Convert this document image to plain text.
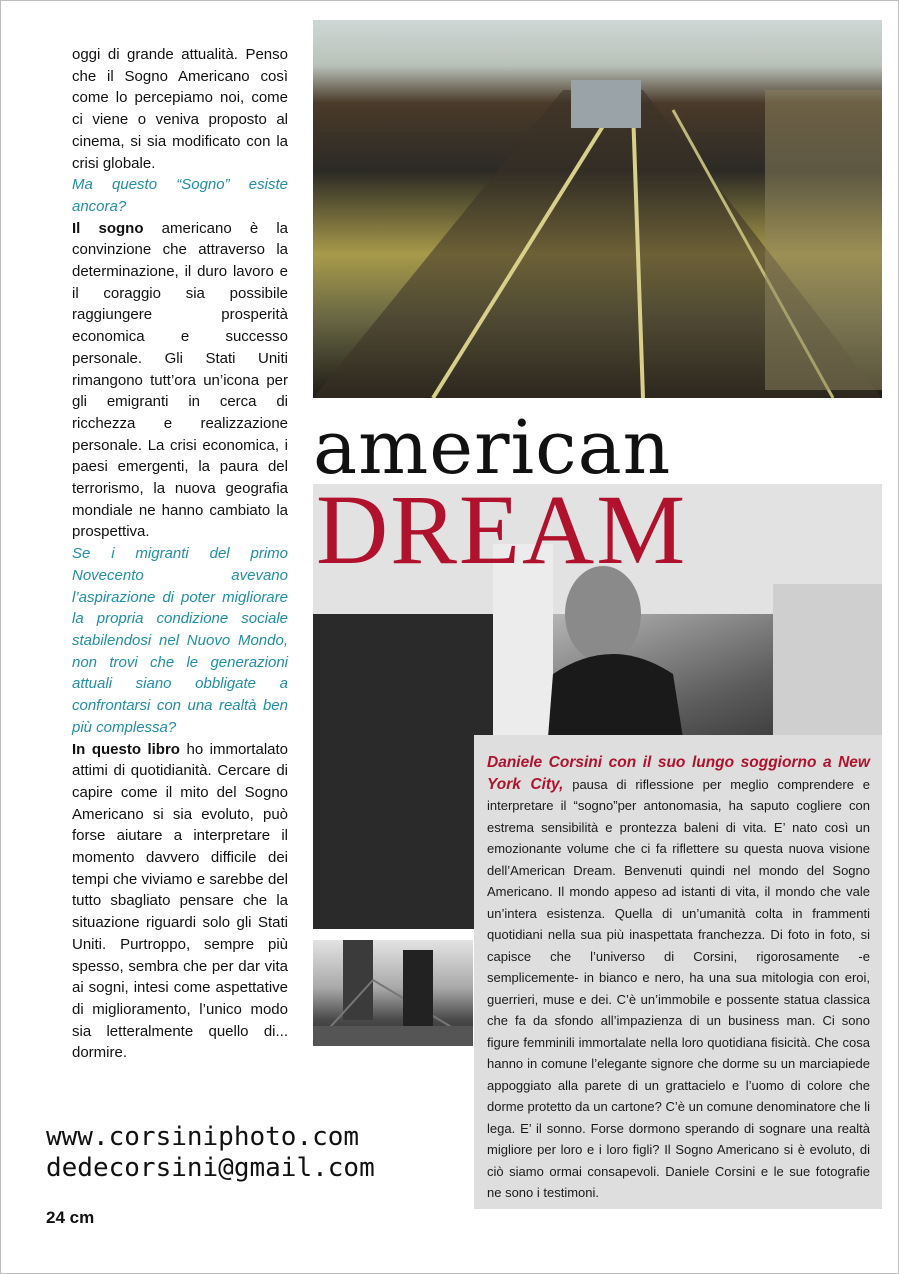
oggi di grande attualità. Penso che il Sogno Americano così come lo percepiamo noi, come ci viene o veniva proposto al cinema, si sia modificato con la crisi globale.

Ma questo “Sogno” esiste ancora?

Il sogno americano è la convinzione che attraverso la determinazione, il duro lavoro e il coraggio sia possibile raggiungere prosperità economica e successo personale. Gli Stati Uniti rimangono tutt’ora un’icona per gli emigranti in cerca di ricchezza e realizzazione personale. La crisi economica, i paesi emergenti, la paura del terrorismo, la nuova geografia mondiale ne hanno cambiato la prospettiva.

Se i migranti del primo Novecento avevano l’aspirazione di poter migliorare la propria condizione sociale stabilendosi nel Nuovo Mondo, non trovi che le generazioni attuali siano obbligate a confrontarsi con una realtà ben più complessa?

In questo libro ho immortalato attimi di quotidianità. Cercare di capire come il mito del Sogno Americano si sia evoluto, può forse aiutare a interpretare il momento davvero difficile dei tempi che viviamo e sarebbe del tutto sbagliato pensare che la situazione riguardi solo gli Stati Uniti. Purtroppo, sempre più spesso, sembra che per dar vita ai sogni, intesi come aspettative di miglioramento, l’unico modo sia letteralmente quello di... dormire.

american
DREAM

Daniele Corsini con il suo lungo soggiorno a New York City, pausa di riflessione per meglio comprendere e interpretare il “sogno”per antonomasia, ha saputo cogliere con estrema sensibilità e prontezza baleni di vita. E’ nato così un emozionante volume che ci fa riflettere su questa nuova visione dell’American Dream. Benvenuti quindi nel mondo del Sogno Americano. Il mondo appeso ad istanti di vita, il mondo che vale un’intera esistenza. Quella di un’umanità colta in frammenti quotidiani nella sua più inaspettata franchezza. Di foto in foto, si capisce che l’universo di Corsini, rigorosamente -e semplicemente- in bianco e nero, ha una sua mitologia con eroi, guerrieri, muse e dei. C’è un’immobile e possente statua classica che fa da sfondo all’impazienza di un business man. Ci sono figure femminili immortalate nella loro quotidiana fisicità. Che cosa hanno in comune l’elegante signore che dorme su un marciapiede appoggiato alla parete di un grattacielo e l’uomo di colore che dorme protetto da un cartone? C’è un comune denominatore che li lega. E’ il sonno. Forse dormono sperando di sognare una realtà migliore per loro e i loro figli? Il Sogno Americano si è evoluto, di ciò siamo ormai consapevoli. Daniele Corsini e le sue fotografie ne sono i testimoni.

www.corsiniphoto.com
dedecorsini@gmail.com
24 cm
